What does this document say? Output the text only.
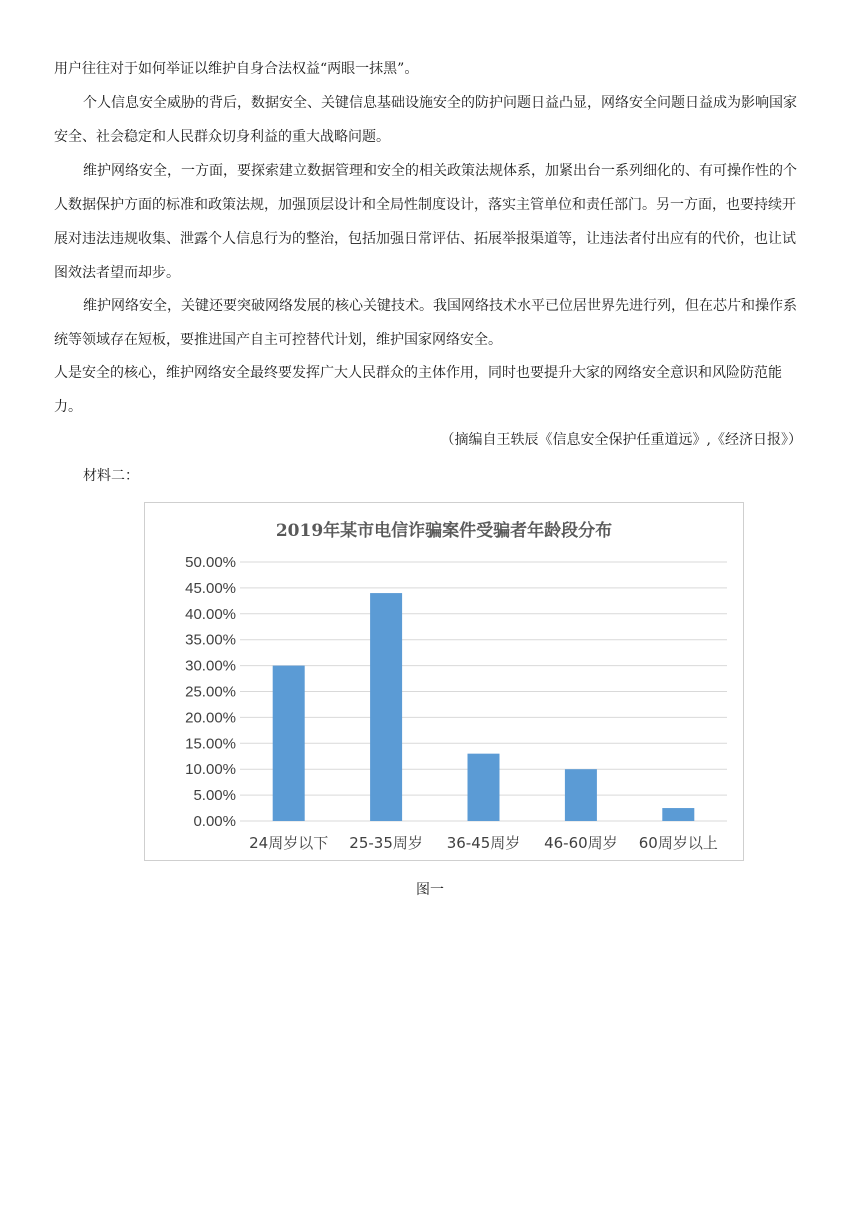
用户往往对于如何举证以维护自身合法权益“两眼一抹黑”。

个人信息安全威胁的背后，数据安全、关键信息基础设施安全的防护问题日益凸显，网络安全问题日益成为影响国家安全、社会稳定和人民群众切身利益的重大战略问题。

维护网络安全，一方面，要探索建立数据管理和安全的相关政策法规体系，加紧出台一系列细化的、有可操作性的个人数据保护方面的标准和政策法规，加强顶层设计和全局性制度设计，落实主管单位和责任部门。另一方面，也要持续开展对违法违规收集、泄露个人信息行为的整治，包括加强日常评估、拓展举报渠道等，让违法者付出应有的代价，也让试图效法者望而却步。

维护网络安全，关键还要突破网络发展的核心关键技术。我国网络技术水平已位居世界先进行列，但在芯片和操作系统等领域存在短板，要推进国产自主可控替代计划，维护国家网络安全。

人是安全的核心，维护网络安全最终要发挥广大人民群众的主体作用，同时也要提升大家的网络安全意识和风险防范能力。

（摘编自王轶辰《信息安全保护任重道远》,《经济日报》）

材料二：

2019年某市电信诈骗案件受骗者年龄段分布
0.00%
5.00%
10.00%
15.00%
20.00%
25.00%
30.00%
35.00%
40.00%
45.00%
50.00%
24周岁以下 25-35周岁 36-45周岁 46-60周岁 60周岁以上

图一
